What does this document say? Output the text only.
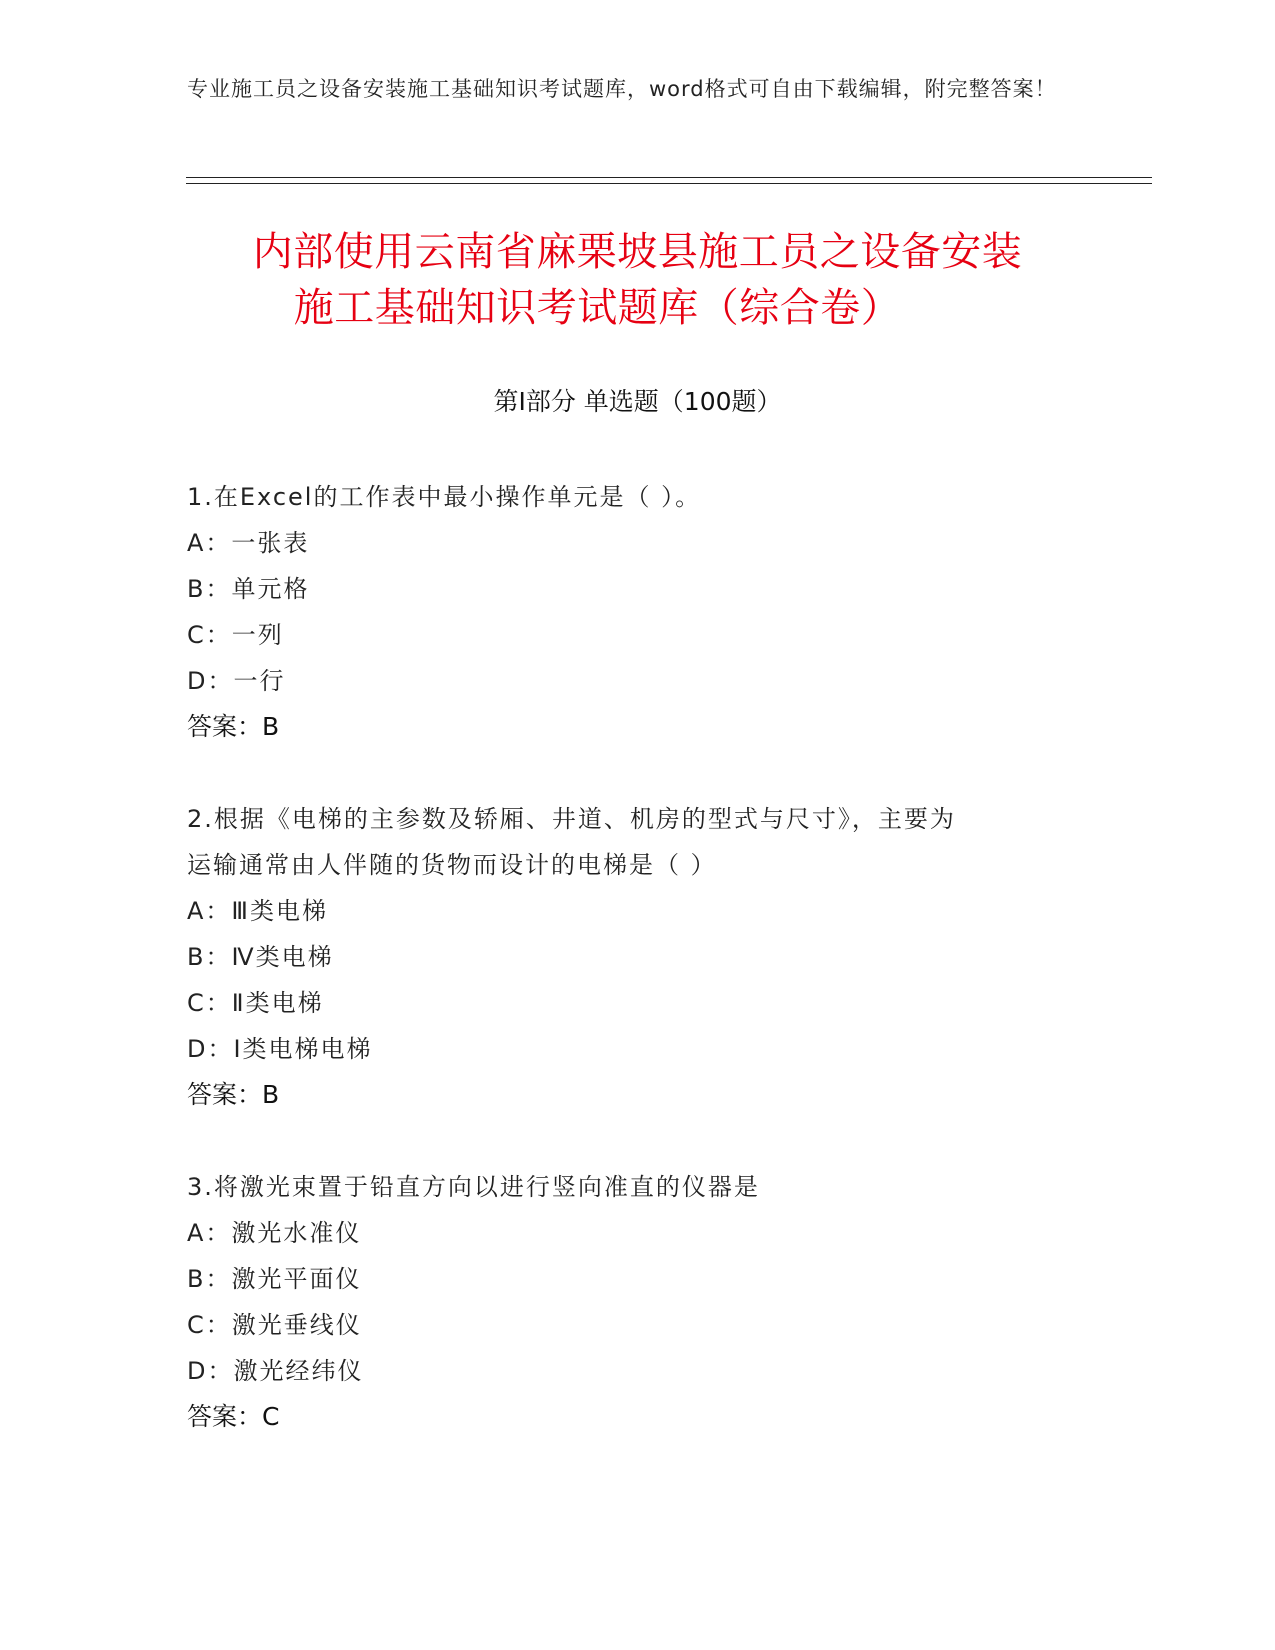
专业施工员之设备安装施工基础知识考试题库，word格式可自由下载编辑，附完整答案！
内部使用云南省麻栗坡县施工员之设备安装
施工基础知识考试题库（综合卷）
第Ⅰ部分 单选题（100题）
1.在Excel的工作表中最小操作单元是（ ）。
A：一张表
B：单元格
C：一列
D：一行
答案：B
2.根据《电梯的主参数及轿厢、井道、机房的型式与尺寸》，主要为
运输通常由人伴随的货物而设计的电梯是（ ）
A：Ⅲ类电梯
B：Ⅳ类电梯
C：Ⅱ类电梯
D：Ⅰ类电梯电梯
答案：B
3.将激光束置于铅直方向以进行竖向准直的仪器是
A：激光水准仪
B：激光平面仪
C：激光垂线仪
D：激光经纬仪
答案：C
